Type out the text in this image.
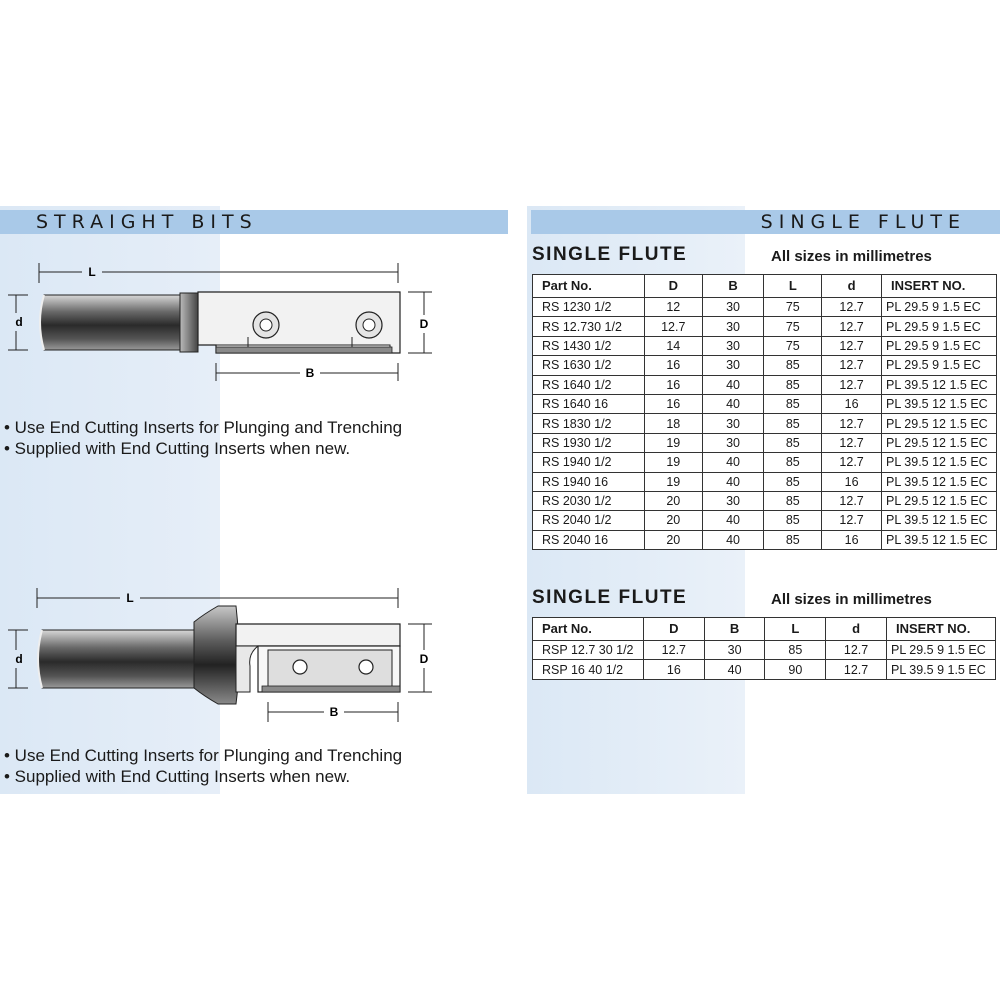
STRAIGHT BITS	SINGLE FLUTE
L
d	D
B
• Use End Cutting Inserts for Plunging and Trenching
• Supplied with End Cutting Inserts when new.
L
d	D
B
• Use End Cutting Inserts for Plunging and Trenching
• Supplied with End Cutting Inserts when new.
SINGLE FLUTE	All sizes in millimetres
Part No.	D	B	L	d	INSERT NO.
RS 1230 1/2	12	30	75	12.7	PL 29.5 9 1.5 EC
RS 12.730 1/2	12.7	30	75	12.7	PL 29.5 9 1.5 EC
RS 1430 1/2	14	30	75	12.7	PL 29.5 9 1.5 EC
RS 1630 1/2	16	30	85	12.7	PL 29.5 9 1.5 EC
RS 1640 1/2	16	40	85	12.7	PL 39.5 12 1.5 EC
RS 1640 16	16	40	85	16	PL 39.5 12 1.5 EC
RS 1830 1/2	18	30	85	12.7	PL 29.5 12 1.5 EC
RS 1930 1/2	19	30	85	12.7	PL 29.5 12 1.5 EC
RS 1940 1/2	19	40	85	12.7	PL 39.5 12 1.5 EC
RS 1940 16	19	40	85	16	PL 39.5 12 1.5 EC
RS 2030 1/2	20	30	85	12.7	PL 29.5 12 1.5 EC
RS 2040 1/2	20	40	85	12.7	PL 39.5 12 1.5 EC
RS 2040 16	20	40	85	16	PL 39.5 12 1.5 EC
SINGLE FLUTE	All sizes in millimetres
Part No.	D	B	L	d	INSERT NO.
RSP 12.7 30 1/2	12.7	30	85	12.7	PL 29.5 9 1.5 EC
RSP 16 40 1/2	16	40	90	12.7	PL 39.5 9 1.5 EC
